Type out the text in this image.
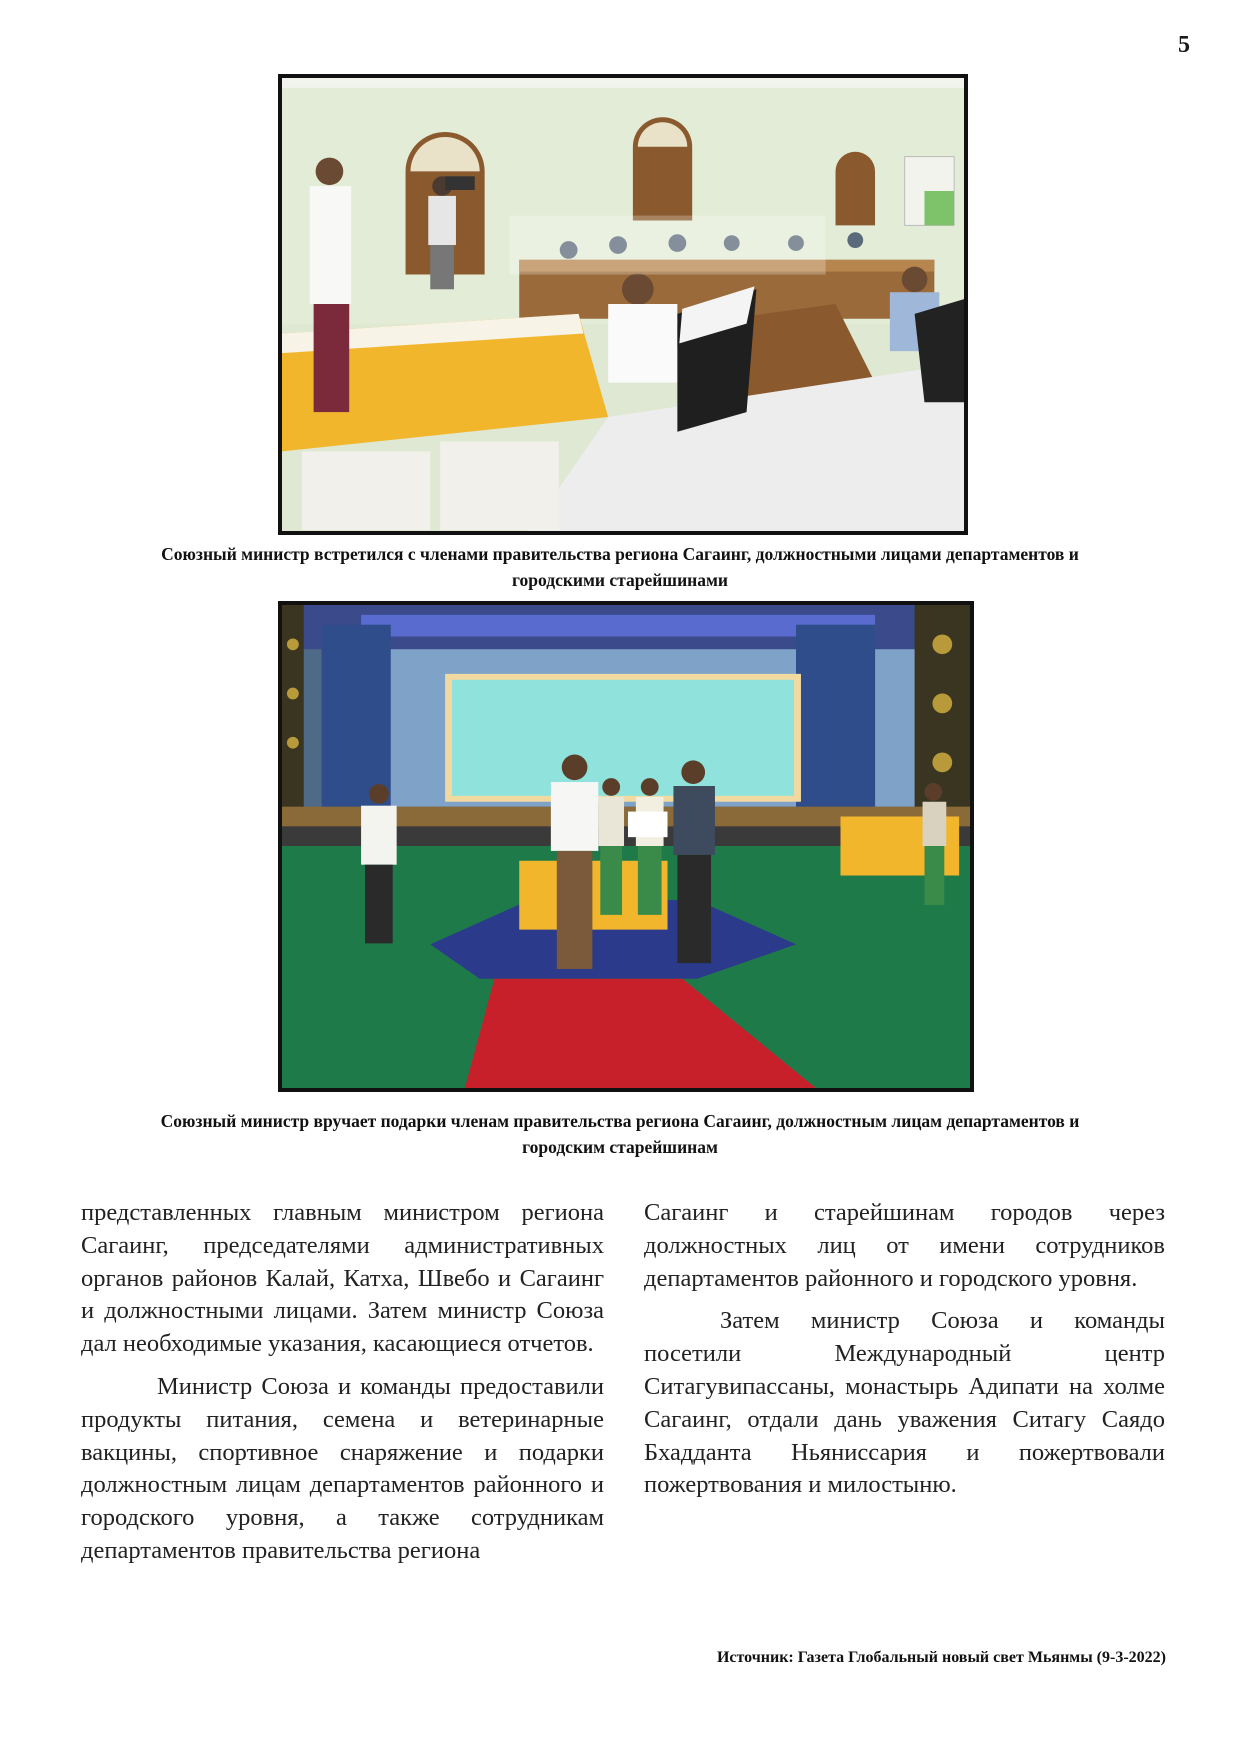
5
Союзный министр встретился с членами правительства региона Сагаинг, должностными лицами департаментов и городскими старейшинами
Союзный министр вручает подарки членам правительства региона Сагаинг, должностным лицам департаментов и городским старейшинам

представленных главным министром региона Сагаинг, председателями административных органов районов Калай, Катха, Швебо и Сагаинг и должностными лицами. Затем министр Союза дал необходимые указания, касающиеся отчетов.

Министр Союза и команды предоставили продукты питания, семена и ветеринарные вакцины, спортивное снаряжение и подарки должностным лицам департаментов районного и городского уровня, а также сотрудникам департаментов правительства региона

Сагаинг и старейшинам городов через должностных лиц от имени сотрудников департаментов районного и городского уровня.

Затем министр Союза и команды посетили Международный центр Ситагувипассаны, монастырь Адипати на холме Сагаинг, отдали дань уважения Ситагу Саядо Бхадданта Ньяниссария и пожертвовали пожертвования и милостыню.

Источник: Газета Глобальный новый свет Мьянмы (9-3-2022)
